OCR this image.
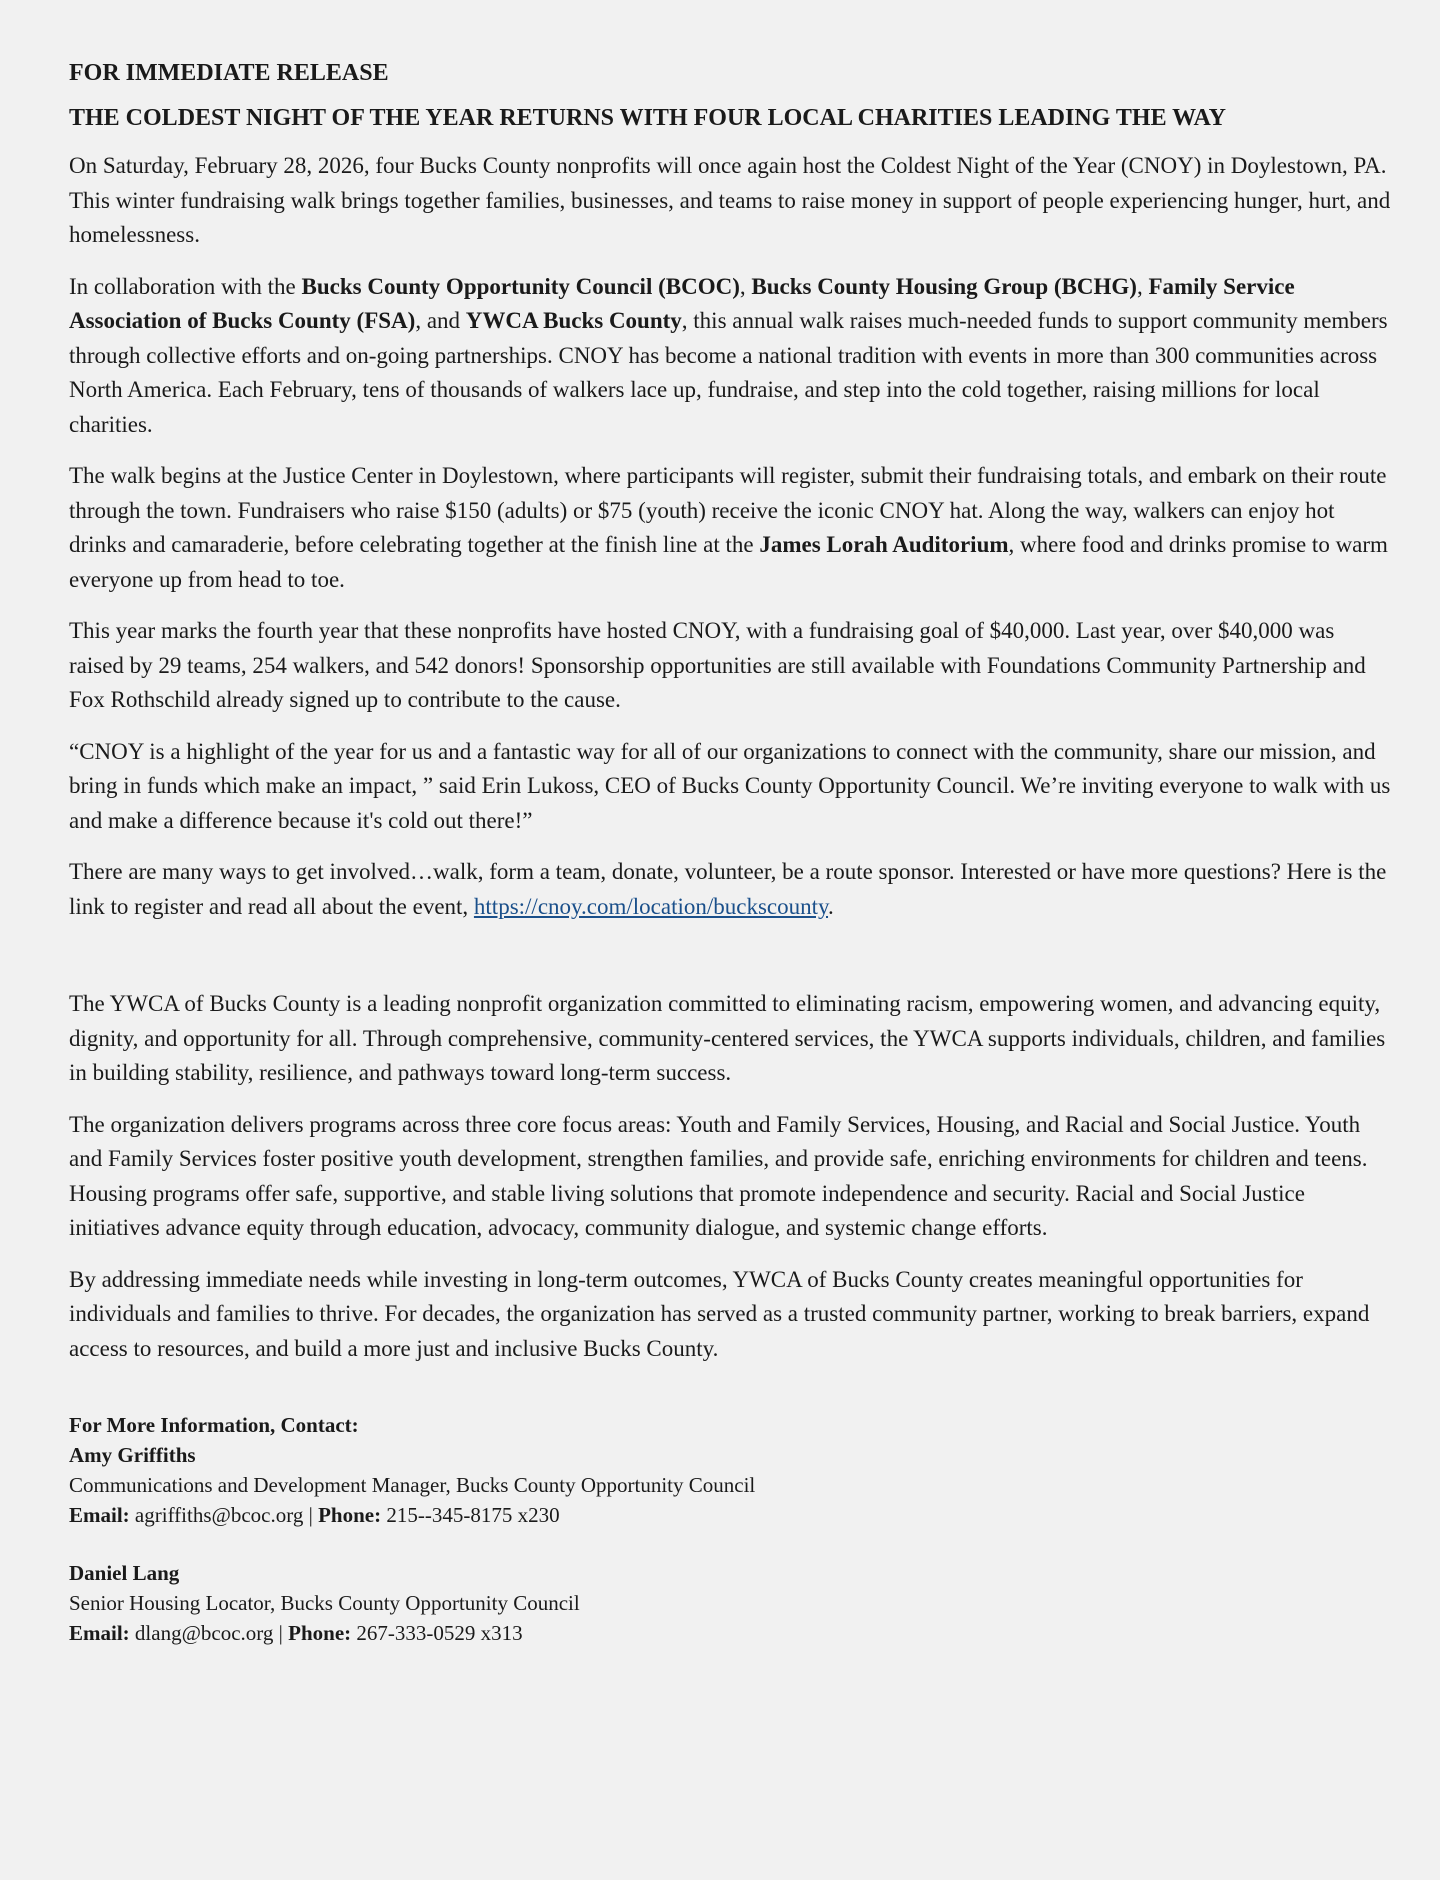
FOR IMMEDIATE RELEASE
THE COLDEST NIGHT OF THE YEAR RETURNS WITH FOUR LOCAL CHARITIES LEADING THE WAY

On Saturday, February 28, 2026, four Bucks County nonprofits will once again host the Coldest Night of the Year (CNOY) in Doylestown, PA. This winter fundraising walk brings together families, businesses, and teams to raise money in support of people experiencing hunger, hurt, and homelessness.

In collaboration with the Bucks County Opportunity Council (BCOC), Bucks County Housing Group (BCHG), Family Service Association of Bucks County (FSA), and YWCA Bucks County, this annual walk raises much-needed funds to support community members through collective efforts and on-going partnerships. CNOY has become a national tradition with events in more than 300 communities across North America. Each February, tens of thousands of walkers lace up, fundraise, and step into the cold together, raising millions for local charities.

The walk begins at the Justice Center in Doylestown, where participants will register, submit their fundraising totals, and embark on their route through the town. Fundraisers who raise $150 (adults) or $75 (youth) receive the iconic CNOY hat. Along the way, walkers can enjoy hot drinks and camaraderie, before celebrating together at the finish line at the James Lorah Auditorium, where food and drinks promise to warm everyone up from head to toe.

This year marks the fourth year that these nonprofits have hosted CNOY, with a fundraising goal of $40,000. Last year, over $40,000 was raised by 29 teams, 254 walkers, and 542 donors! Sponsorship opportunities are still available with Foundations Community Partnership and Fox Rothschild already signed up to contribute to the cause.

“CNOY is a highlight of the year for us and a fantastic way for all of our organizations to connect with the community, share our mission, and bring in funds which make an impact, ” said Erin Lukoss, CEO of Bucks County Opportunity Council. We’re inviting everyone to walk with us and make a difference because it's cold out there!”

There are many ways to get involved…walk, form a team, donate, volunteer, be a route sponsor. Interested or have more questions? Here is the link to register and read all about the event, https://cnoy.com/location/buckscounty.

The YWCA of Bucks County is a leading nonprofit organization committed to eliminating racism, empowering women, and advancing equity, dignity, and opportunity for all. Through comprehensive, community-centered services, the YWCA supports individuals, children, and families in building stability, resilience, and pathways toward long-term success.

The organization delivers programs across three core focus areas: Youth and Family Services, Housing, and Racial and Social Justice. Youth and Family Services foster positive youth development, strengthen families, and provide safe, enriching environments for children and teens. Housing programs offer safe, supportive, and stable living solutions that promote independence and security. Racial and Social Justice initiatives advance equity through education, advocacy, community dialogue, and systemic change efforts.

By addressing immediate needs while investing in long-term outcomes, YWCA of Bucks County creates meaningful opportunities for individuals and families to thrive. For decades, the organization has served as a trusted community partner, working to break barriers, expand access to resources, and build a more just and inclusive Bucks County.

For More Information, Contact:
Amy Griffiths
Communications and Development Manager, Bucks County Opportunity Council
Email: agriffiths@bcoc.org | Phone: 215--345-8175 x230
Daniel Lang
Senior Housing Locator, Bucks County Opportunity Council
Email: dlang@bcoc.org | Phone: 267-333-0529 x313
